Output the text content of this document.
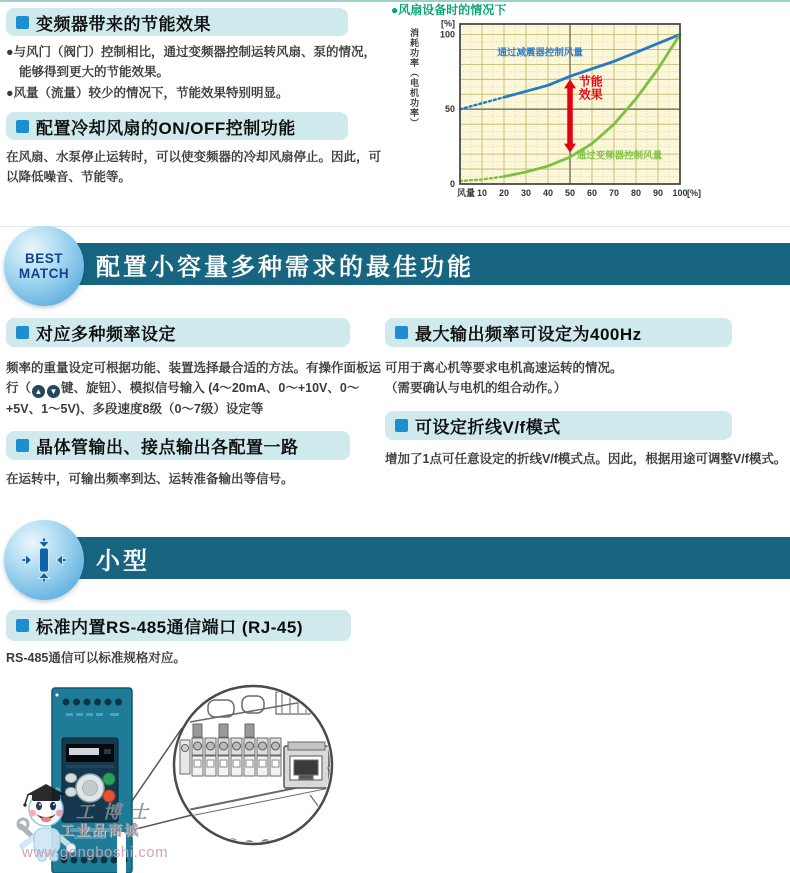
变频器带来的节能效果
●与风门（阀门）控制相比，通过变频器控制运转风扇、泵的情况，能够得到更大的节能效果。
●风量（流量）较少的情况下，节能效果特别明显。
配置冷却风扇的ON/OFF控制功能
在风扇、水泵停止运转时，可以使变频器的冷却风扇停止。因此，可以降低噪音、节能等。
●风扇设备时的情况下
消耗功率（电机功率）	通过减震器控制风量
通过变频器控制风量
节能
效果
10 20 30 40 50 60 70 80 90 100
风量	[%]
0
50
100
[%]
配置小容量多种需求的最佳功能
BEST
MATCH
对应多种频率设定
频率的重量设定可根据功能、装置选择最合适的方法。有操作面板运行（ ▲ ▼ 键、旋钮）、模拟信号输入 (4～20mA、0～+10V、0～+5V、1～5V)、多段速度8级（0～7级）设定等
晶体管输出、接点输出各配置一路
在运转中，可输出频率到达、运转准备输出等信号。
最大输出频率可设定为400Hz
可用于离心机等要求电机高速运转的情况。
（需要确认与电机的组合动作。）
可设定折线V/f模式
增加了1点可任意设定的折线V/f模式点。因此，根据用途可调整V/f模式。
小型
标准内置RS-485通信端口 (RJ-45)
RS-485通信可以标准规格对应。
工博士
工业品商城
www.gongboshi.com
